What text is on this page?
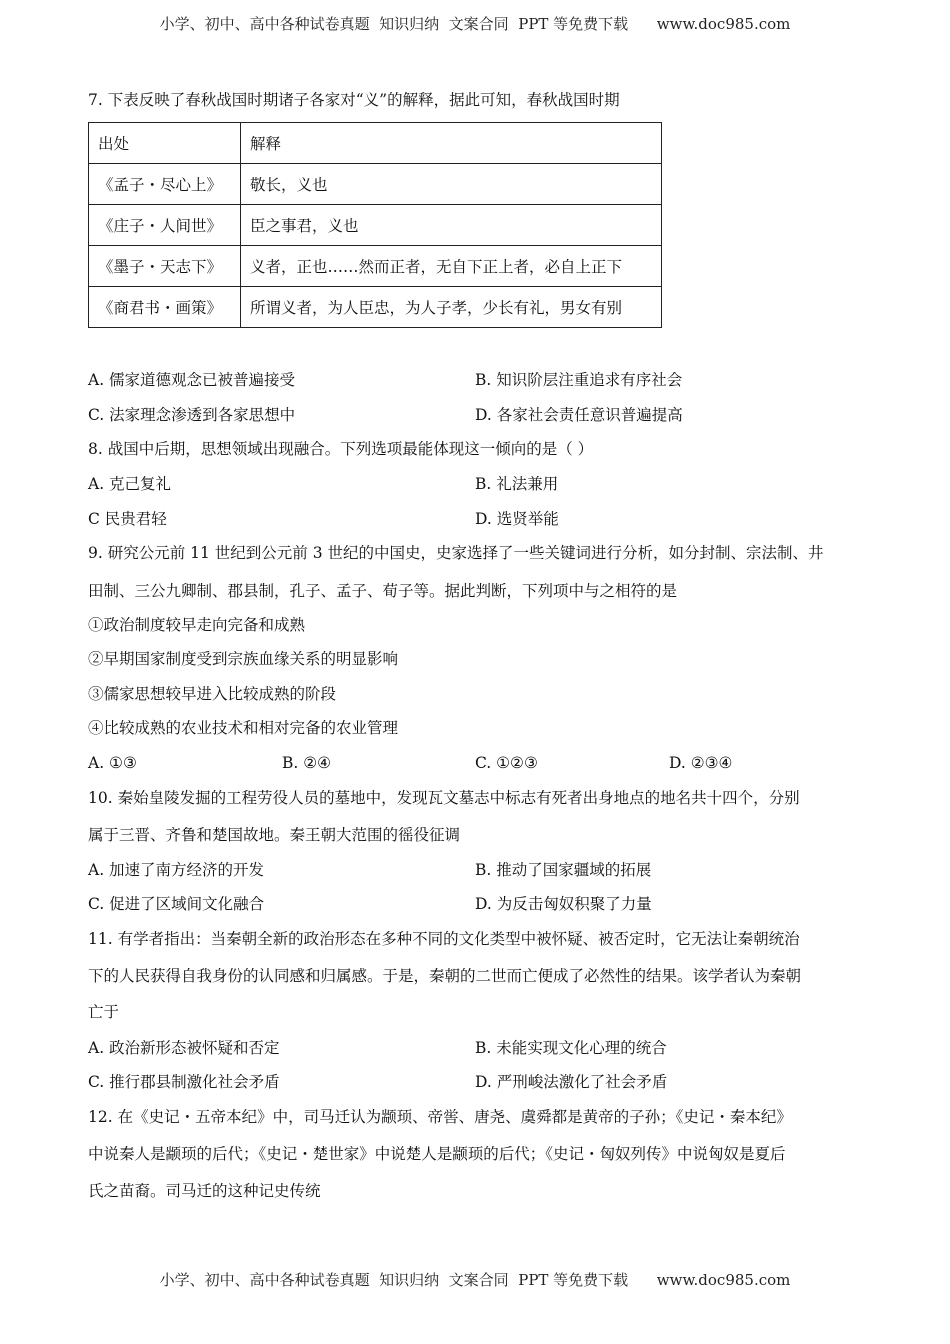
小学、初中、高中各种试卷真题  知识归纳  文案合同  PPT 等免费下载      www.doc985.com
7. 下表反映了春秋战国时期诸子各家对“义”的解释，据此可知，春秋战国时期
出处	解释
《孟子・尽心上》	敬长，义也
《庄子・人间世》	臣之事君，义也
《墨子・天志下》	义者，正也……然而正者，无自下正上者，必自上正下
《商君书・画策》	所谓义者，为人臣忠，为人子孝，少长有礼，男女有别
A. 儒家道德观念已被普遍接受	B. 知识阶层注重追求有序社会
C. 法家理念渗透到各家思想中	D. 各家社会责任意识普遍提高
8. 战国中后期，思想领域出现融合。下列选项最能体现这一倾向的是（ ）
A. 克己复礼	B. 礼法兼用
C 民贵君轻	D. 选贤举能
9. 研究公元前 11 世纪到公元前 3 世纪的中国史，史家选择了一些关键词进行分析，如分封制、宗法制、井
田制、三公九卿制、郡县制，孔子、孟子、荀子等。据此判断，下列项中与之相符的是
①政治制度较早走向完备和成熟
②早期国家制度受到宗族血缘关系的明显影响
③儒家思想较早进入比较成熟的阶段
④比较成熟的农业技术和相对完备的农业管理
A. ①③	B. ②④	C. ①②③	D. ②③④
10. 秦始皇陵发掘的工程劳役人员的墓地中，发现瓦文墓志中标志有死者出身地点的地名共十四个，分别
属于三晋、齐鲁和楚国故地。秦王朝大范围的徭役征调
A. 加速了南方经济的开发	B. 推动了国家疆域的拓展
C. 促进了区域间文化融合	D. 为反击匈奴积聚了力量
11. 有学者指出：当秦朝全新的政治形态在多种不同的文化类型中被怀疑、被否定时，它无法让秦朝统治
下的人民获得自我身份的认同感和归属感。于是，秦朝的二世而亡便成了必然性的结果。该学者认为秦朝
亡于
A. 政治新形态被怀疑和否定	B. 未能实现文化心理的统合
C. 推行郡县制激化社会矛盾	D. 严刑峻法激化了社会矛盾
12. 在《史记・五帝本纪》中，司马迁认为颛顼、帝喾、唐尧、虞舜都是黄帝的子孙；《史记・秦本纪》
中说秦人是颛顼的后代；《史记・楚世家》中说楚人是颛顼的后代；《史记・匈奴列传》中说匈奴是夏后
氏之苗裔。司马迁的这种记史传统
小学、初中、高中各种试卷真题  知识归纳  文案合同  PPT 等免费下载      www.doc985.com
